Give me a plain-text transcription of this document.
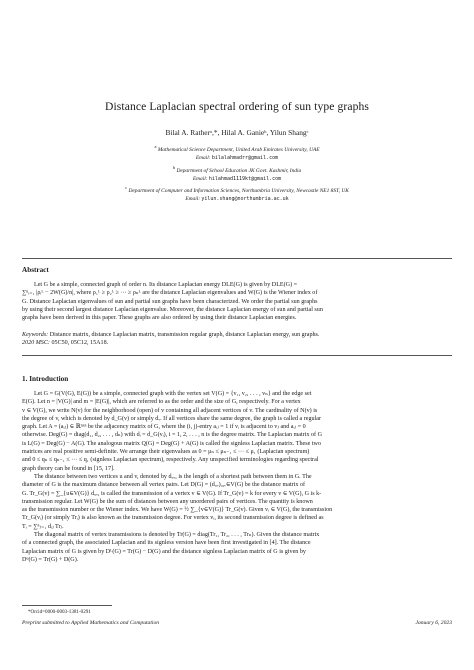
Distance Laplacian spectral ordering of sun type graphs
Bilal A. Ratherᵃ,*, Hilal A. Ganieᵇ, Yilun Shangᶜ
$^a$ Mathematical Science Department, United Arab Emirates University, UAE
Email: bilalahmadrr@gmail.com
$^b$ Department of School Education JK Govt. Kashmir, India
Email: hilahmad1119kt@gmail.com
$^c$ Department of Computer and Information Sciences, Northumbria University, Newcastle NE1 8ST, UK
Email: yilun.shang@northumbria.ac.uk
Abstract
Let G be a simple, connected graph of order n. Its distance Laplacian energy DLE(G) is given by DLE(G) =
∑ⁿᵢ₌₁ |ρᵢᴸ − 2W(G)/n|, where ρ₁ᴸ ≥ ρ₂ᴸ ≥ ··· ≥ ρₙᴸ are the distance Laplacian eigenvalues and W(G) is the Wiener index of
G. Distance Laplacian eigenvalues of sun and partial sun graphs have been characterized. We order the partial sun graphs
by using their second largest distance Laplacian eigenvalue. Moreover, the distance Laplacian energy of sun and partial sun
graphs have been derived in this paper. These graphs are also ordered by using their distance Laplacian energies.
Keywords: Distance matrix, distance Laplacian matrix, transmission regular graph, distance Laplacian energy, sun graphs.
2020 MSC: 05C50, 05C12, 15A18.
1. Introduction
Let G = G(V(G), E(G)) be a simple, connected graph with the vertex set V(G) = {v₁, v₂, . . . , vₙ} and the edge set
E(G). Let n = |V(G)| and m = |E(G)|, which are referred to as the order and the size of G, respectively. For a vertex
v ∈ V(G), we write N(v) for the neighborhood (open) of v containing all adjacent vertices of v. The cardinality of N(v) is
the degree of v, which is denoted by d_G(v) or simply dᵥ. If all vertices share the same degree, the graph is called a regular
graph. Let A = (aᵢⱼ) ∈ ℝⁿˣⁿ be the adjacency matrix of G, where the (i, j)-entry aᵢⱼ = 1 if vᵢ is adjacent to vⱼ and aᵢⱼ = 0
otherwise. Deg(G) = diag(d₁, d₂, . . . , dₙ) with dᵢ = d_G(vᵢ), i = 1, 2, . . . , n is the degree matrix. The Laplacian matrix of G
is L(G) = Deg(G) − A(G). The analogous matrix Q(G) = Deg(G) + A(G) is called the signless Laplacian matrix. These two
matrices are real positive semi-definite. We arrange their eigenvalues as 0 = μₙ ≤ μₙ₋₁ ≤ ··· ≤ μ₁ (Laplacian spectrum)
and 0 ≤ qₙ ≤ qₙ₋₁ ≤ ··· ≤ q₁ (signless Laplacian spectrum), respectively. Any unspecified terminologies regarding spectral
graph theory can be found in [15, 17].
The distance between two vertices u and v, denoted by dᵤᵥ, is the length of a shortest path between them in G. The
diameter of G is the maximum distance between all vertex pairs. Let D(G) = (dᵤᵥ)ᵤ,ᵥ∈V(G) be the distance matrix of
G. Tr_G(v) = ∑_{u∈V(G)} dᵤᵥ, is called the transmission of a vertex v ∈ V(G). If Tr_G(v) = k for every v ∈ V(G), G is k-
transmission regular. Let W(G) be the sum of distances between any unordered pairs of vertices. The quantity is known
as the transmission number or the Wiener index. We have W(G) = ½ ∑_{v∈V(G)} Tr_G(v). Given vᵢ ∈ V(G), the transmission
Tr_G(vᵢ) (or simply Trᵢ) is also known as the transmission degree. For vertex vᵢ, its second transmission degree is defined as
Tᵢ = ∑ⁿⱼ₌₁ dᵢⱼ Trⱼ.
The diagonal matrix of vertex transmissions is denoted by Tr(G) = diag(Tr₁, Tr₂, . . . , Trₙ). Given the distance matrix
of a connected graph, the associated Laplacian and its signless version have been first investigated in [4]. The distance
Laplacian matrix of G is given by Dᴸ(G) = Tr(G) − D(G) and the distance signless Laplacian matrix of G is given by
Dᵠ(G) = Tr(G) + D(G).
*Orcid=0000-0003-1381-0291
Preprint submitted to Applied Mathematics and Computation	January 6, 2023
